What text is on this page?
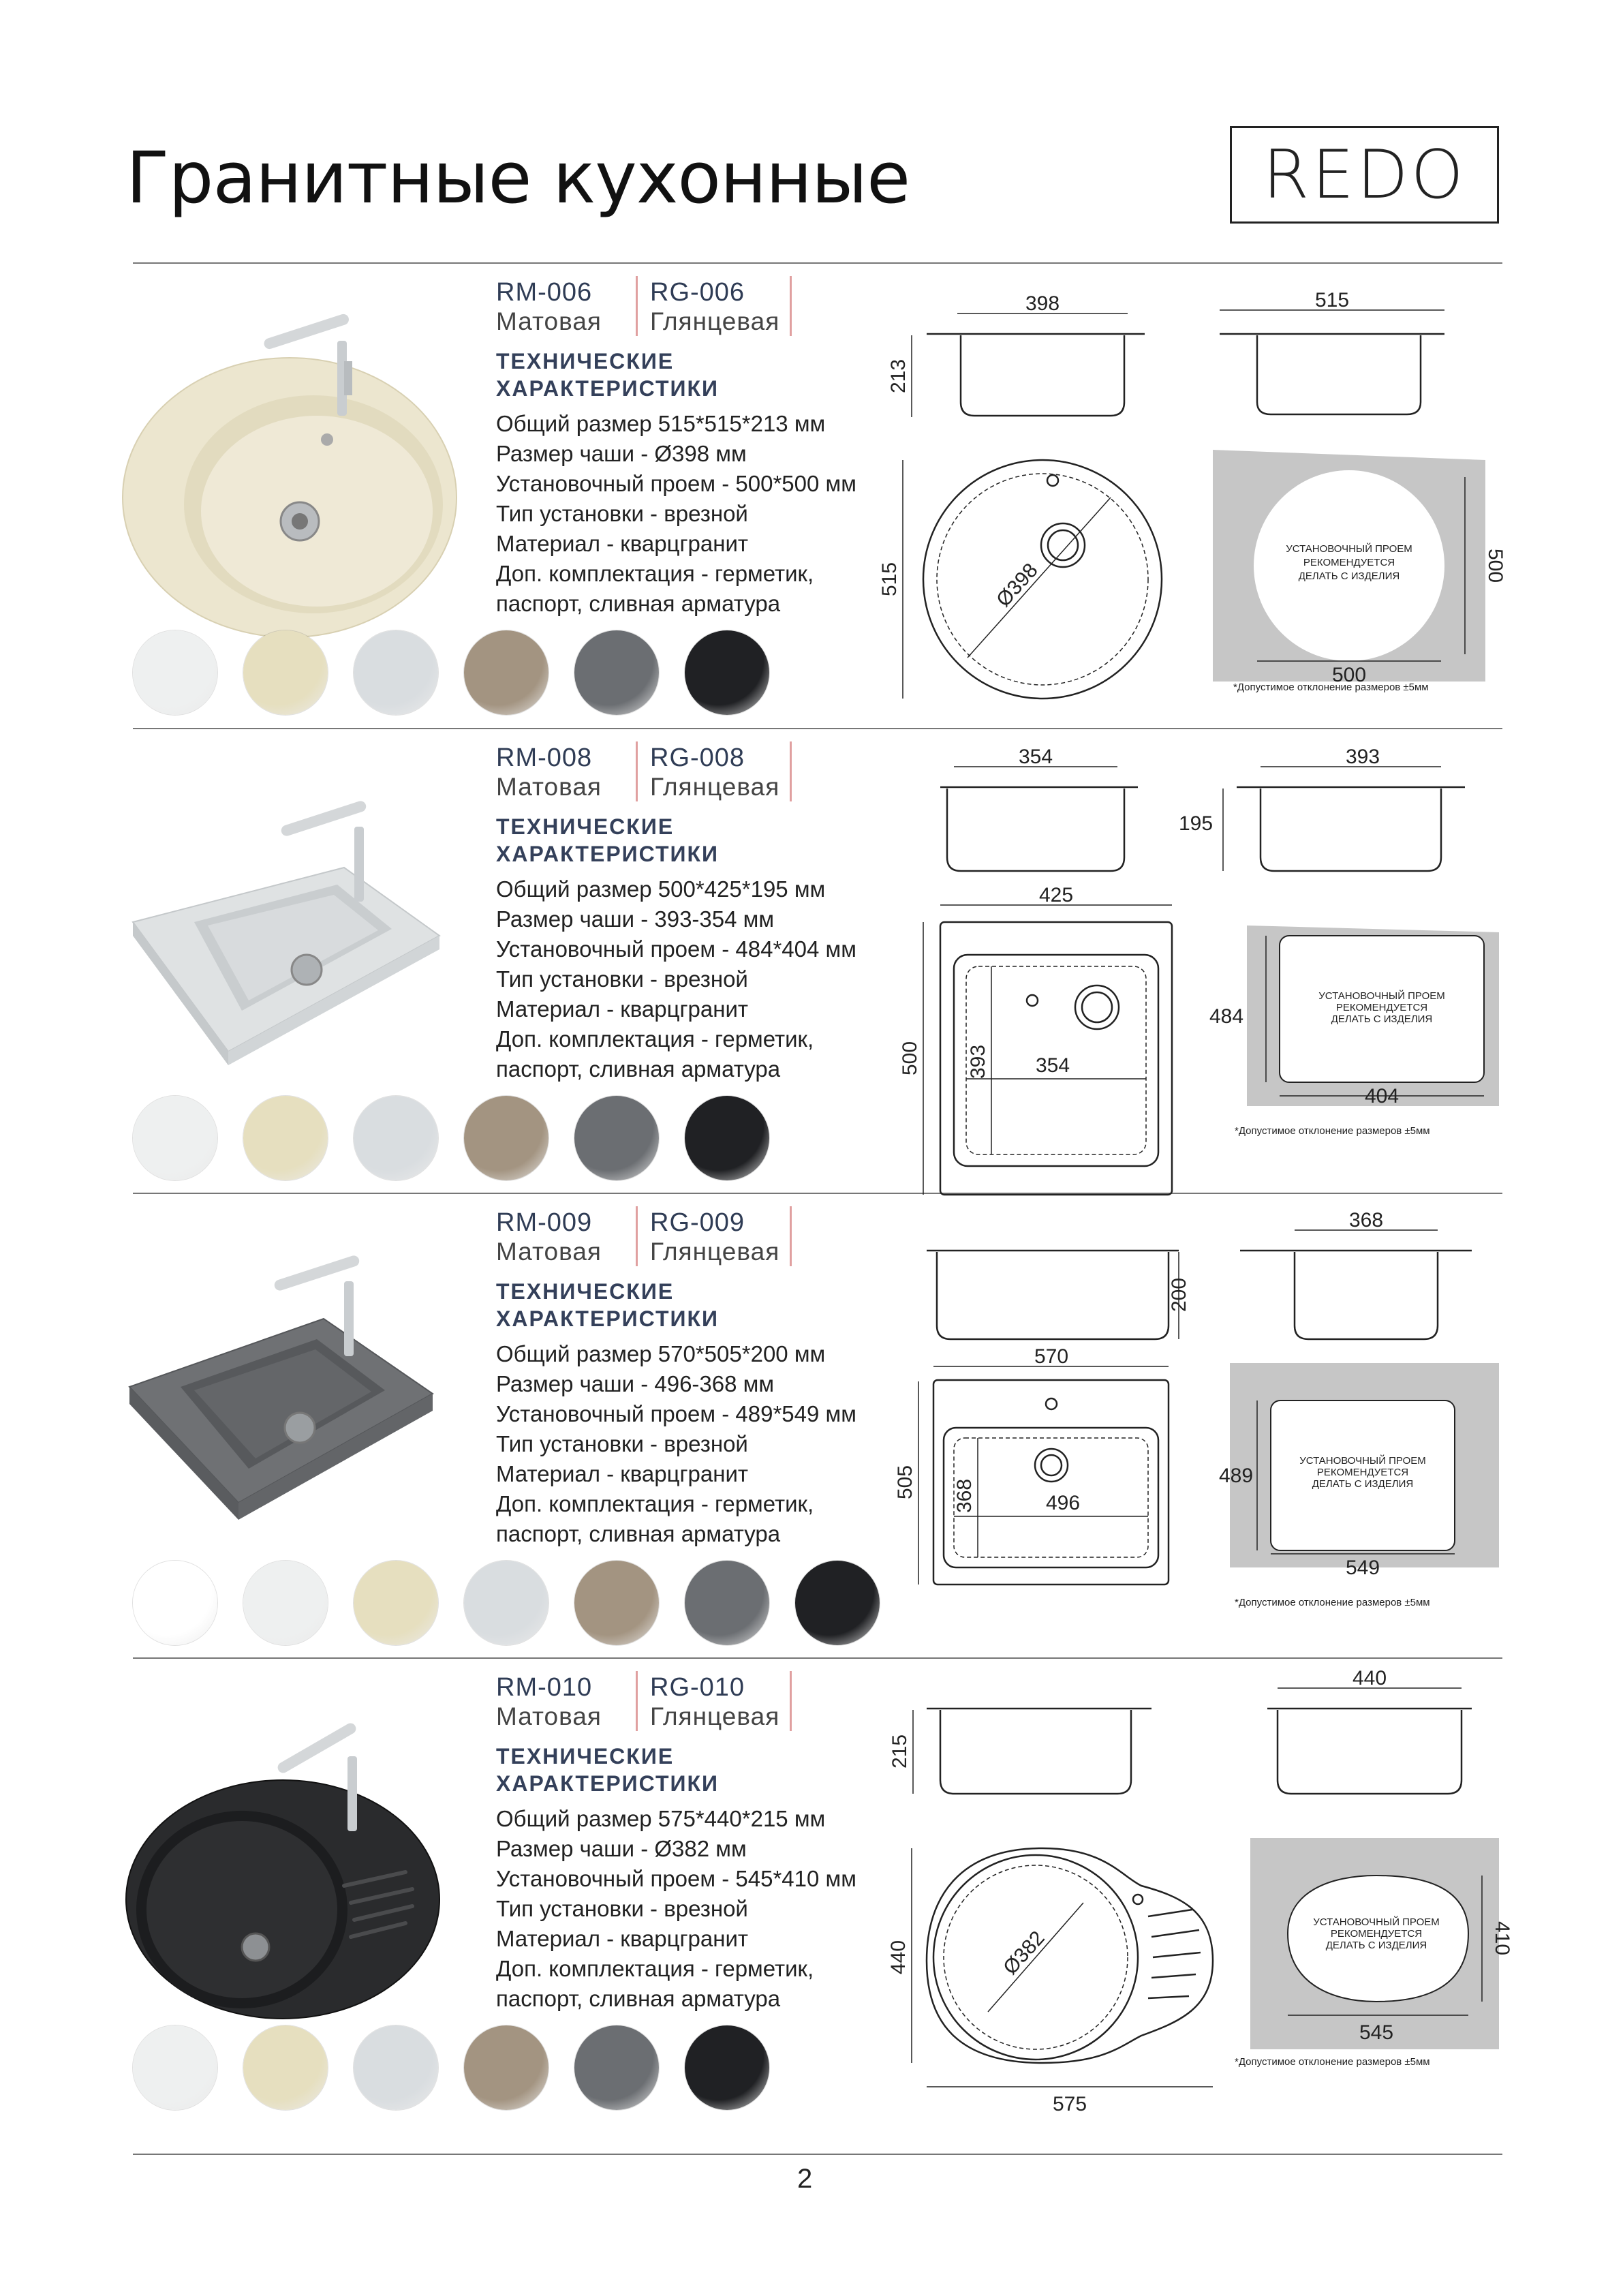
Гранитные кухонные	REDO
RM-006	RG-006
Матовая	Глянцевая
ТЕХНИЧЕСКИЕ ХАРАКТЕРИСТИКИ
Общий размер 515*515*213 мм
Размер чаши - Ø398 мм
Установочный проем - 500*500 мм
Тип установки - врезной
Материал - кварцгранит
Доп. комплектация - герметик,
паспорт, сливная арматура
398
213
515
515	Ø398
500
500
УСТАНОВОЧНЫЙ ПРОЕМ
РЕКОМЕНДУЕТСЯ
ДЕЛАТЬ С ИЗДЕЛИЯ
*Допустимое отклонение размеров ±5мм
RM-008	RG-008
Матовая	Глянцевая
ТЕХНИЧЕСКИЕ ХАРАКТЕРИСТИКИ
Общий размер 500*425*195 мм
Размер чаши - 393-354 мм
Установочный проем - 484*404 мм
Тип установки - врезной
Материал - кварцгранит
Доп. комплектация - герметик,
паспорт, сливная арматура
354	393
195
425
500 393 354
404
484
УСТАНОВОЧНЫЙ ПРОЕМ
РЕКОМЕНДУЕТСЯ
ДЕЛАТЬ С ИЗДЕЛИЯ
*Допустимое отклонение размеров ±5мм
RM-009	RG-009
Матовая	Глянцевая
ТЕХНИЧЕСКИЕ ХАРАКТЕРИСТИКИ
Общий размер 570*505*200 мм
Размер чаши - 496-368 мм
Установочный проем - 489*549 мм
Тип установки - врезной
Материал - кварцгранит
Доп. комплектация - герметик,
паспорт, сливная арматура
200
368
570
505 368	496
549
489
УСТАНОВОЧНЫЙ ПРОЕМ
РЕКОМЕНДУЕТСЯ
ДЕЛАТЬ С ИЗДЕЛИЯ
*Допустимое отклонение размеров ±5мм
RM-010	RG-010
Матовая	Глянцевая
ТЕХНИЧЕСКИЕ ХАРАКТЕРИСТИКИ
Общий размер 575*440*215 мм
Размер чаши - Ø382 мм
Установочный проем - 545*410 мм
Тип установки - врезной
Материал - кварцгранит
Доп. комплектация - герметик,
паспорт, сливная арматура
215
440
575
440	Ø382
545
410
УСТАНОВОЧНЫЙ ПРОЕМ
РЕКОМЕНДУЕТСЯ
ДЕЛАТЬ С ИЗДЕЛИЯ
*Допустимое отклонение размеров ±5мм
2
